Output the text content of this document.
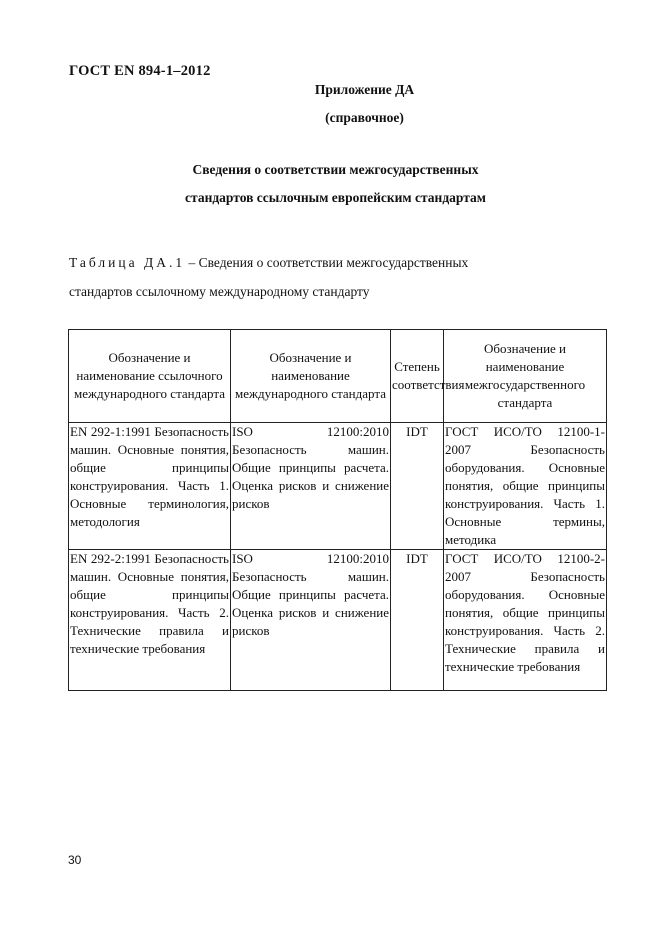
ГОСТ EN 894-1–2012
Приложение ДА
(справочное)
Сведения о соответствии межгосударственных
стандартов ссылочным европейским стандартам
Таблица ДА.1 – Сведения о соответствии межгосударственных
стандартов ссылочному международному стандарту
Обозначение и наименование ссылочного международного стандарта	Обозначение и наименование международного стандарта	Степень соответствия	Обозначение и наименование межгосударственного стандарта
EN 292-1:1991 Безопасность машин. Основные понятия, общие принципы конструирования. Часть 1. Основные терминология, методология	ISO 12100:2010 Безопасность машин. Общие принципы расчета. Оценка рисков и снижение рисков	IDT	ГОСТ ИСО/ТО 12100-1-2007 Безопасность оборудования. Основные понятия, общие принципы конструирования. Часть 1. Основные термины, методика

EN 292-2:1991 Безопасность машин. Основные понятия, общие принципы конструирования. Часть 2. Технические правила и технические требования	ISO 12100:2010 Безопасность машин. Общие принципы расчета. Оценка рисков и снижение рисков	IDT	ГОСТ ИСО/ТО 12100-2-2007 Безопасность оборудования. Основные понятия, общие принципы конструирования. Часть 2. Технические правила и технические требования
30
